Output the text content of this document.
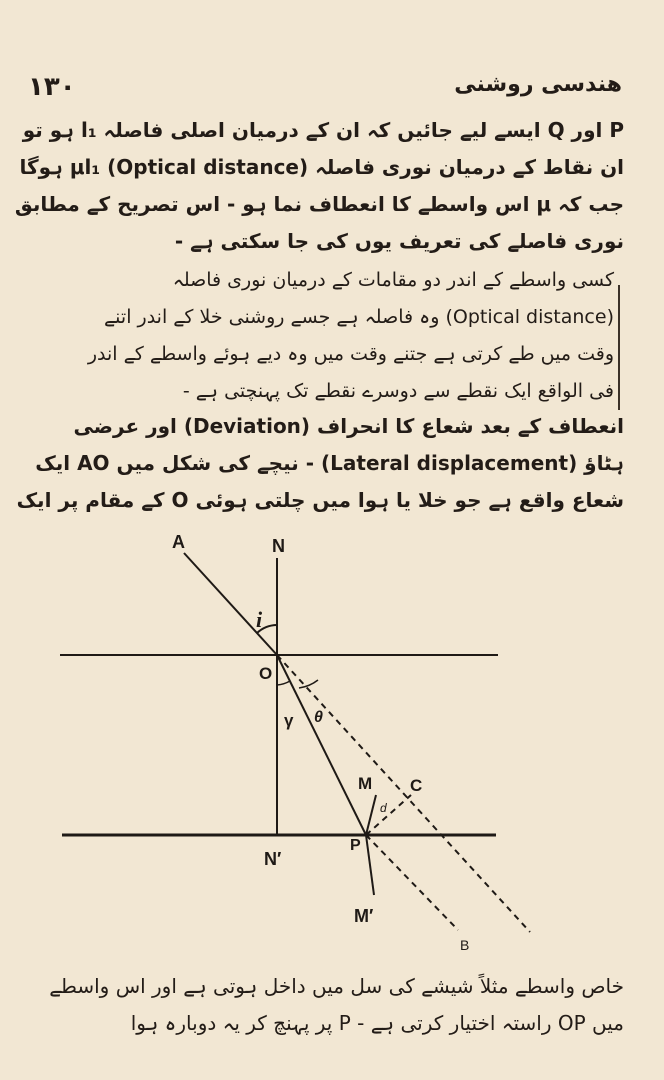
۱۳۰	ھندسی روشنی
P اور Q ایسے لیے جائیں کہ ان کے درمیان اصلی فاصلہ l₁ ہو تو
ان نقاط کے درمیان نوری فاصلہ (Optical distance) μl₁ ہوگا
جب کہ μ اس واسطے کا انعطاف نما ہو - اس تصریح کے مطابق
نوری فاصلے کی تعریف یوں کی جا سکتی ہے -
کسی واسطے کے اندر دو مقامات کے درمیان نوری فاصلہ
(Optical distance) وہ فاصلہ ہے جسے روشنی خلا کے اندر اتنے
وقت میں طے کرتی ہے جتنے وقت میں وہ دیے ہوئے واسطے کے اندر
فی الواقع ایک نقطے سے دوسرے نقطے تک پہنچتی ہے -
انعطاف کے بعد شعاع کا انحراف (Deviation) اور عرضی
ہٹاؤ (Lateral displacement) - نیچے کی شکل میں AO ایک
شعاع واقع ہے جو خلا یا ہوا میں چلتی ہوئی O کے مقام پر ایک
A	N
i
O
γ θ
M C
d
N′
P
M′
B
خاص واسطے مثلاً شیشے کی سل میں داخل ہوتی ہے اور اس واسطے
میں OP راستہ اختیار کرتی ہے - P پر پہنچ کر یہ دوبارہ ہوا
